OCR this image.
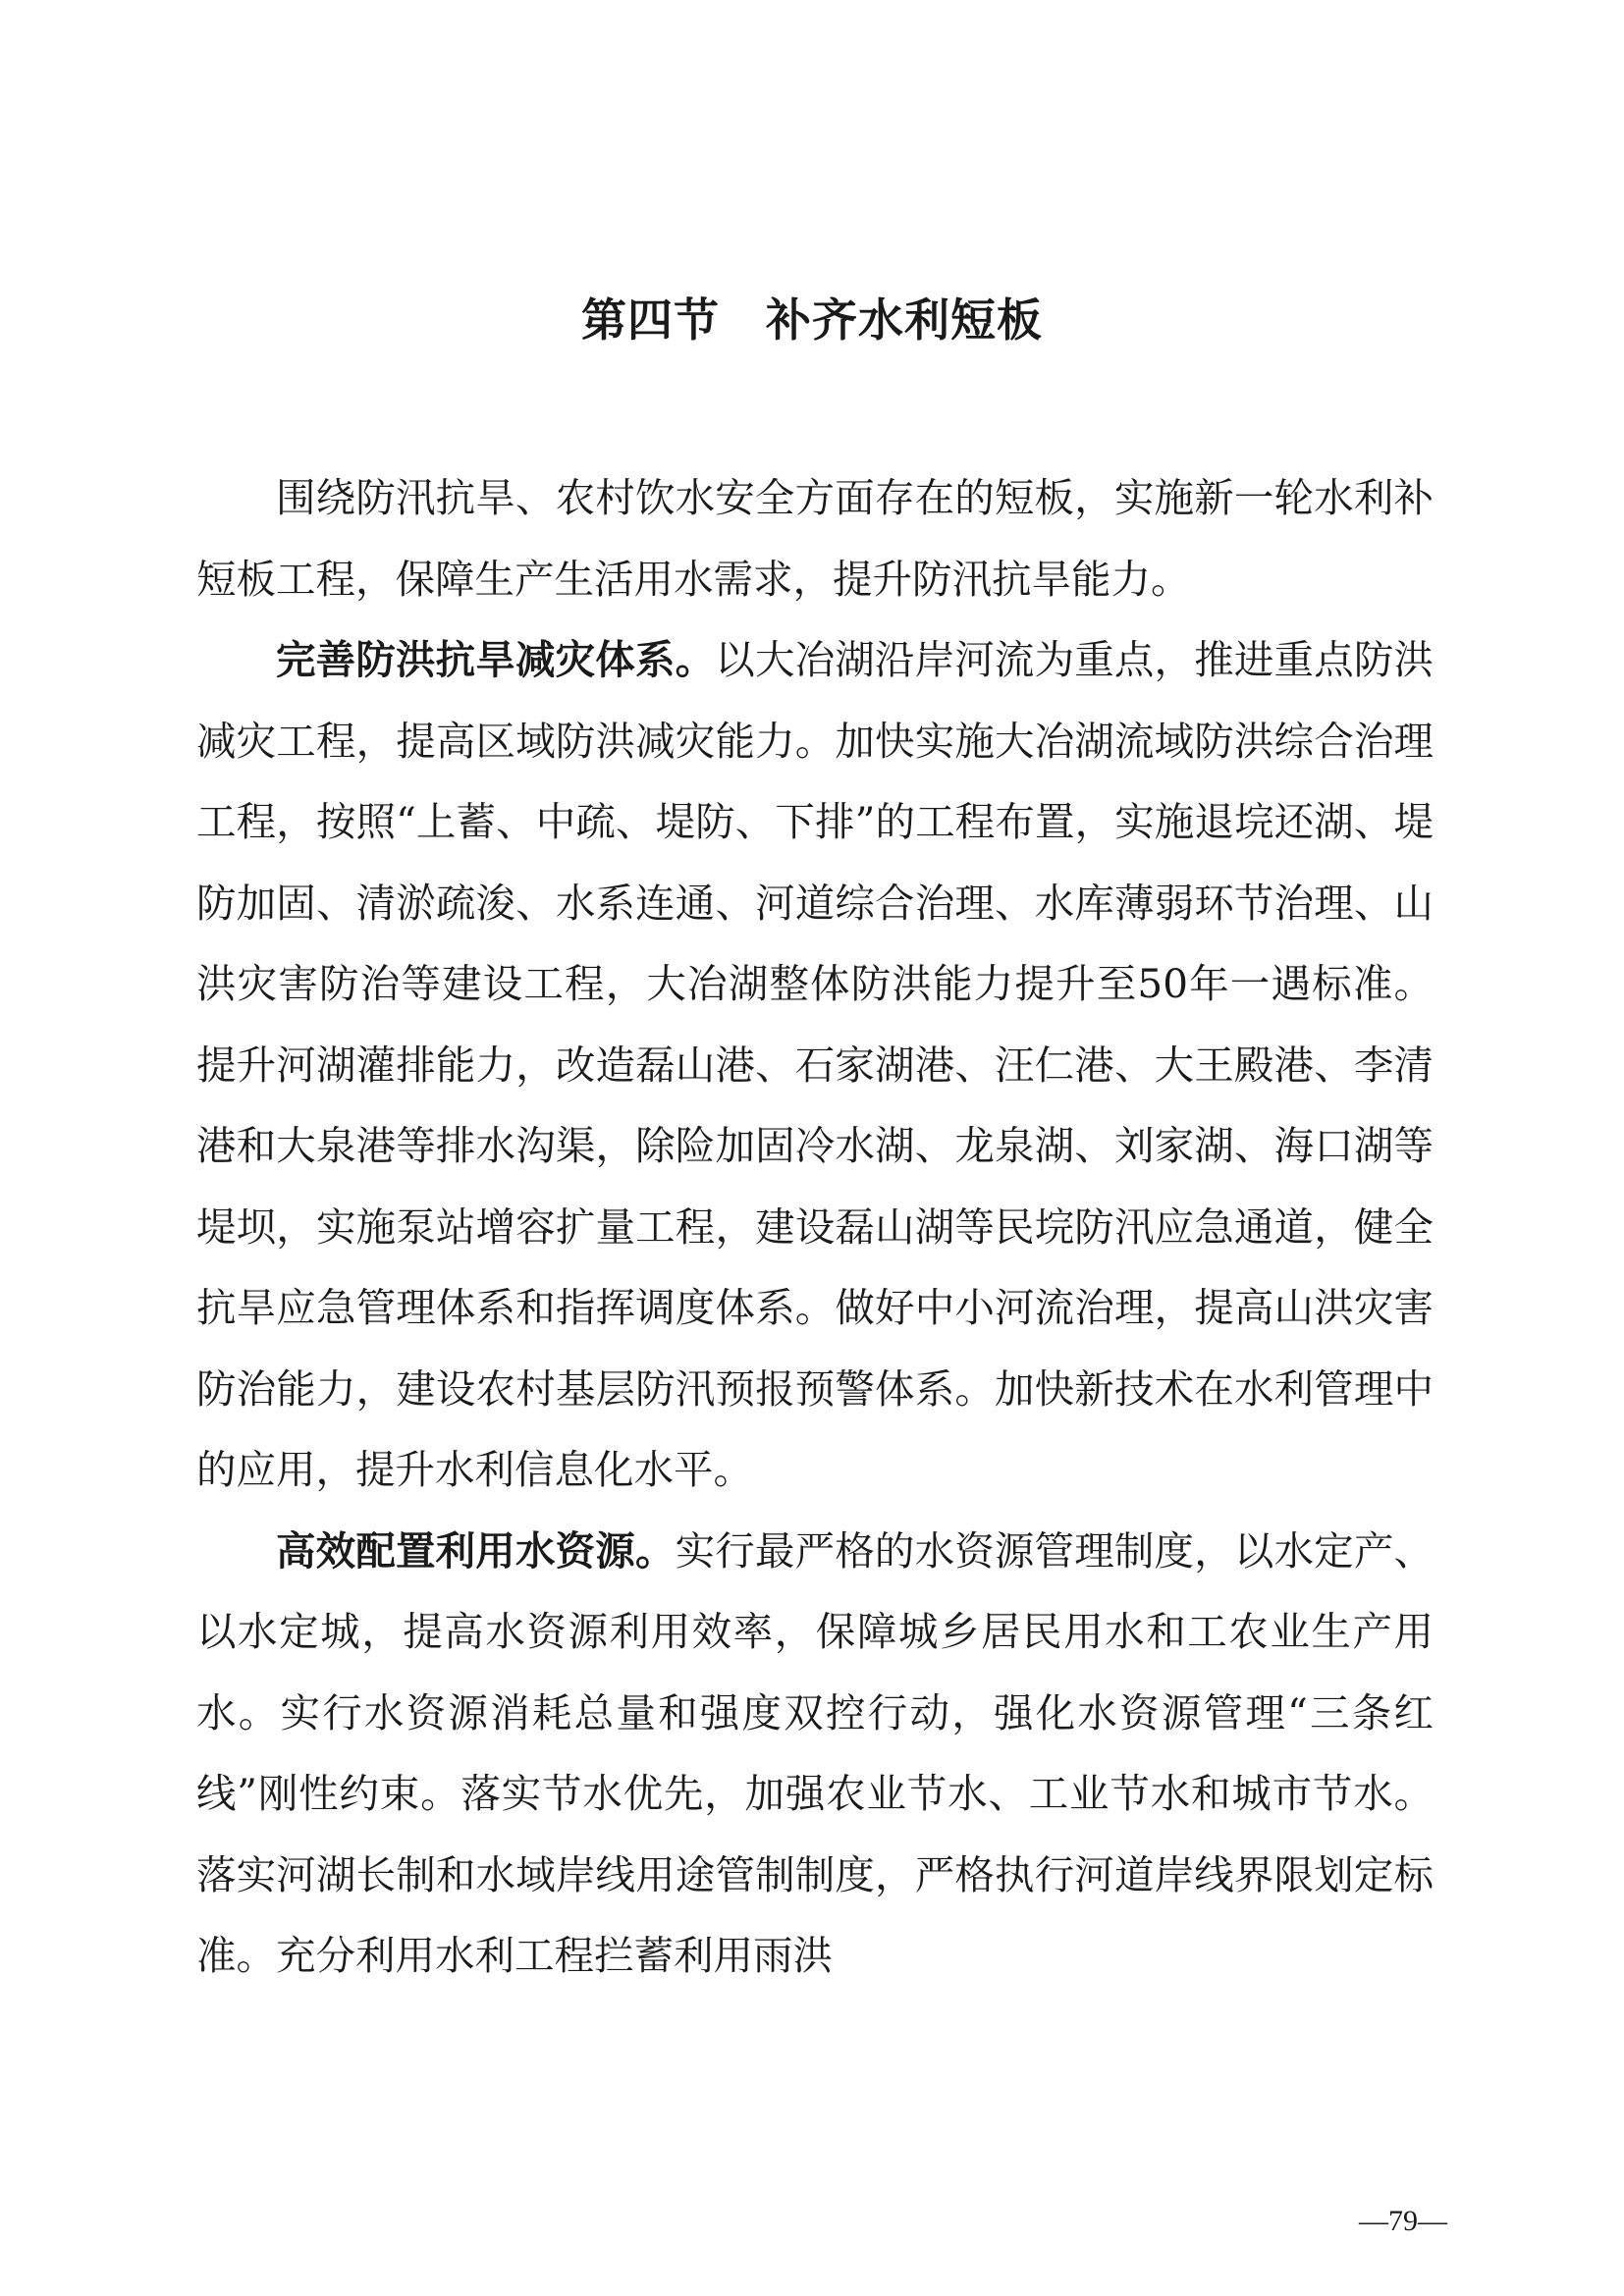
第四节　补齐水利短板

围绕防汛抗旱、农村饮水安全方面存在的短板，实施新一轮水利补短板工程，保障生产生活用水需求，提升防汛抗旱能力。

完善防洪抗旱减灾体系。以大冶湖沿岸河流为重点，推进重点防洪减灾工程，提高区域防洪减灾能力。加快实施大冶湖流域防洪综合治理工程，按照“上蓄、中疏、堤防、下排”的工程布置，实施退垸还湖、堤防加固、清淤疏浚、水系连通、河道综合治理、水库薄弱环节治理、山洪灾害防治等建设工程，大冶湖整体防洪能力提升至50年一遇标准。提升河湖灌排能力，改造磊山港、石家湖港、汪仁港、大王殿港、李清港和大泉港等排水沟渠，除险加固冷水湖、龙泉湖、刘家湖、海口湖等堤坝，实施泵站增容扩量工程，建设磊山湖等民垸防汛应急通道，健全抗旱应急管理体系和指挥调度体系。做好中小河流治理，提高山洪灾害防治能力，建设农村基层防汛预报预警体系。加快新技术在水利管理中的应用，提升水利信息化水平。

高效配置利用水资源。实行最严格的水资源管理制度，以水定产、以水定城，提高水资源利用效率，保障城乡居民用水和工农业生产用水。实行水资源消耗总量和强度双控行动，强化水资源管理“三条红线”刚性约束。落实节水优先，加强农业节水、工业节水和城市节水。落实河湖长制和水域岸线用途管制制度，严格执行河道岸线界限划定标准。充分利用水利工程拦蓄利用雨洪

—79—
